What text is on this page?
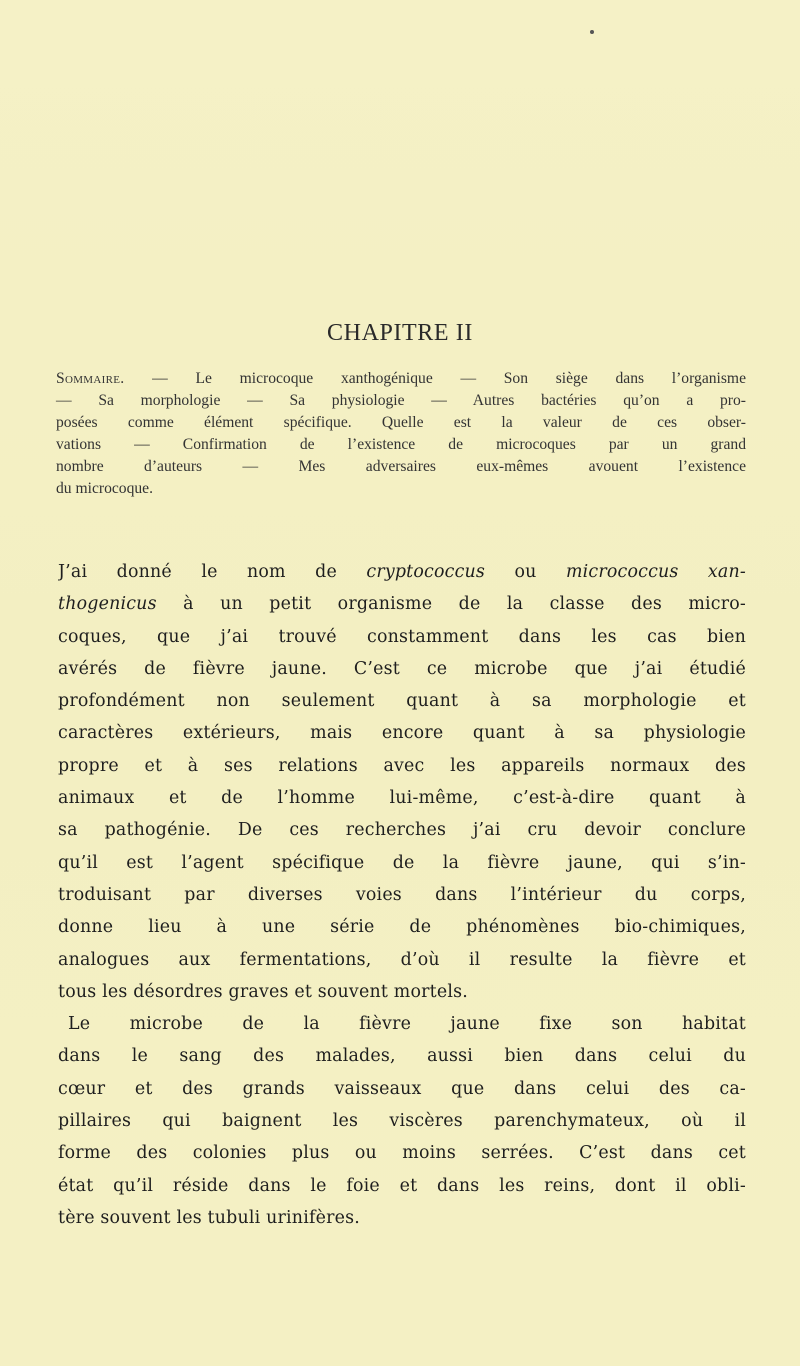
CHAPITRE II
Sommaire. — Le microcoque xanthogénique — Son siège dans l’organisme
— Sa morphologie — Sa physiologie — Autres bactéries qu’on a pro-
posées comme élément spécifique. Quelle est la valeur de ces obser-
vations — Confirmation de l’existence de microcoques par un grand
nombre d’auteurs — Mes adversaires eux-mêmes avouent l’existence
du microcoque.
J’ai donné le nom de cryptococcus ou micrococcus xan-
thogenicus à un petit organisme de la classe des micro-
coques, que j’ai trouvé constamment dans les cas bien
avérés de fièvre jaune. C’est ce microbe que j’ai étudié
profondément non seulement quant à sa morphologie et
caractères extérieurs, mais encore quant à sa physiologie
propre et à ses relations avec les appareils normaux des
animaux et de l’homme lui-même, c’est-à-dire quant à
sa pathogénie. De ces recherches j’ai cru devoir conclure
qu’il est l’agent spécifique de la fièvre jaune, qui s’in-
troduisant par diverses voies dans l’intérieur du corps,
donne lieu à une série de phénomènes bio-chimiques,
analogues aux fermentations, d’où il resulte la fièvre et
tous les désordres graves et souvent mortels.
Le microbe de la fièvre jaune fixe son habitat
dans le sang des malades, aussi bien dans celui du
cœur et des grands vaisseaux que dans celui des ca-
pillaires qui baignent les viscères parenchymateux, où il
forme des colonies plus ou moins serrées. C’est dans cet
état qu’il réside dans le foie et dans les reins, dont il obli-
tère souvent les tubuli urinifères.
